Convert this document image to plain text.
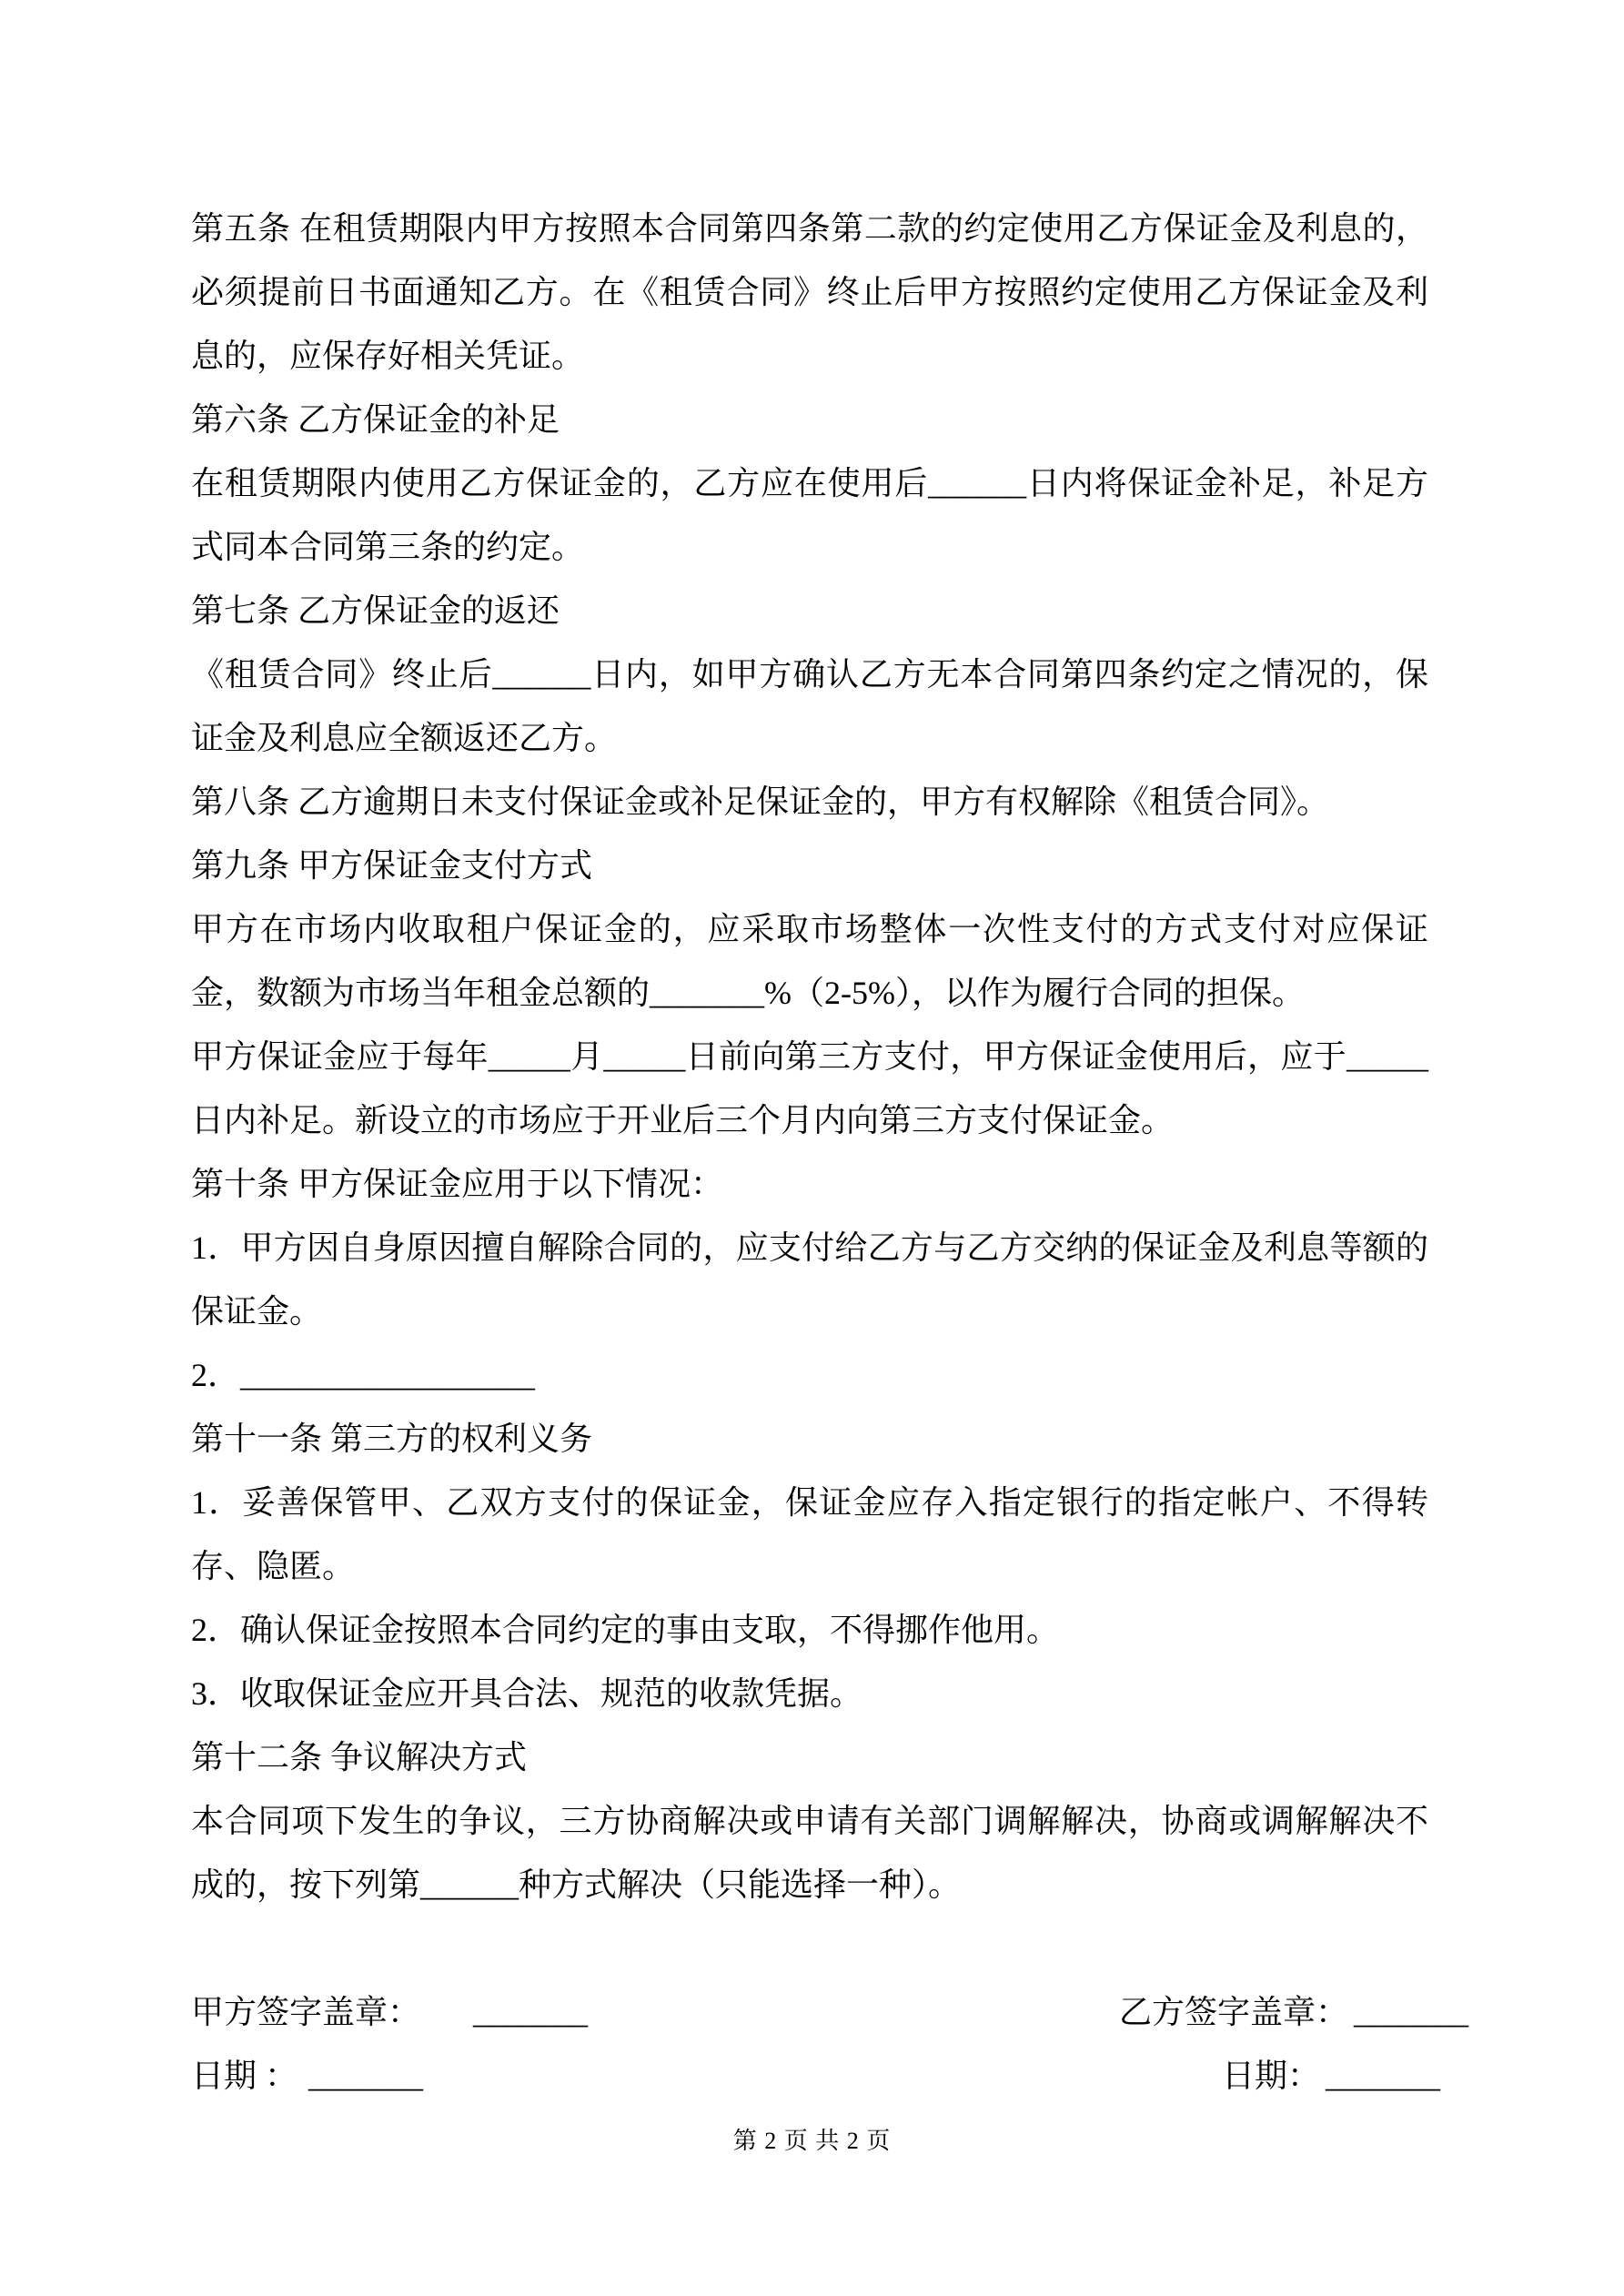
第五条 在租赁期限内甲方按照本合同第四条第二款的约定使用乙方保证金及利息的，必须提前日书面通知乙方。在《租赁合同》终止后甲方按照约定使用乙方保证金及利息的，应保存好相关凭证。

第六条 乙方保证金的补足

在租赁期限内使用乙方保证金的，乙方应在使用后______日内将保证金补足，补足方式同本合同第三条的约定。

第七条 乙方保证金的返还

《租赁合同》终止后______日内，如甲方确认乙方无本合同第四条约定之情况的，保证金及利息应全额返还乙方。

第八条 乙方逾期日未支付保证金或补足保证金的，甲方有权解除《租赁合同》。

第九条 甲方保证金支付方式

甲方在市场内收取租户保证金的，应采取市场整体一次性支付的方式支付对应保证金，数额为市场当年租金总额的_______%（2-5%），以作为履行合同的担保。

甲方保证金应于每年_____月_____日前向第三方支付，甲方保证金使用后，应于_____日内补足。新设立的市场应于开业后三个月内向第三方支付保证金。

第十条 甲方保证金应用于以下情况：

1．甲方因自身原因擅自解除合同的，应支付给乙方与乙方交纳的保证金及利息等额的保证金。

2．__________________

第十一条 第三方的权利义务

1．妥善保管甲、乙双方支付的保证金，保证金应存入指定银行的指定帐户、不得转存、隐匿。

2．确认保证金按照本合同约定的事由支取，不得挪作他用。

3．收取保证金应开具合法、规范的收款凭据。

第十二条 争议解决方式

本合同项下发生的争议，三方协商解决或申请有关部门调解解决，协商或调解解决不成的，按下列第______种方式解决（只能选择一种）。

甲方签字盖章： _______	乙方签字盖章： _______
日期 ： _______	日期： _______
第 2 页 共 2 页
